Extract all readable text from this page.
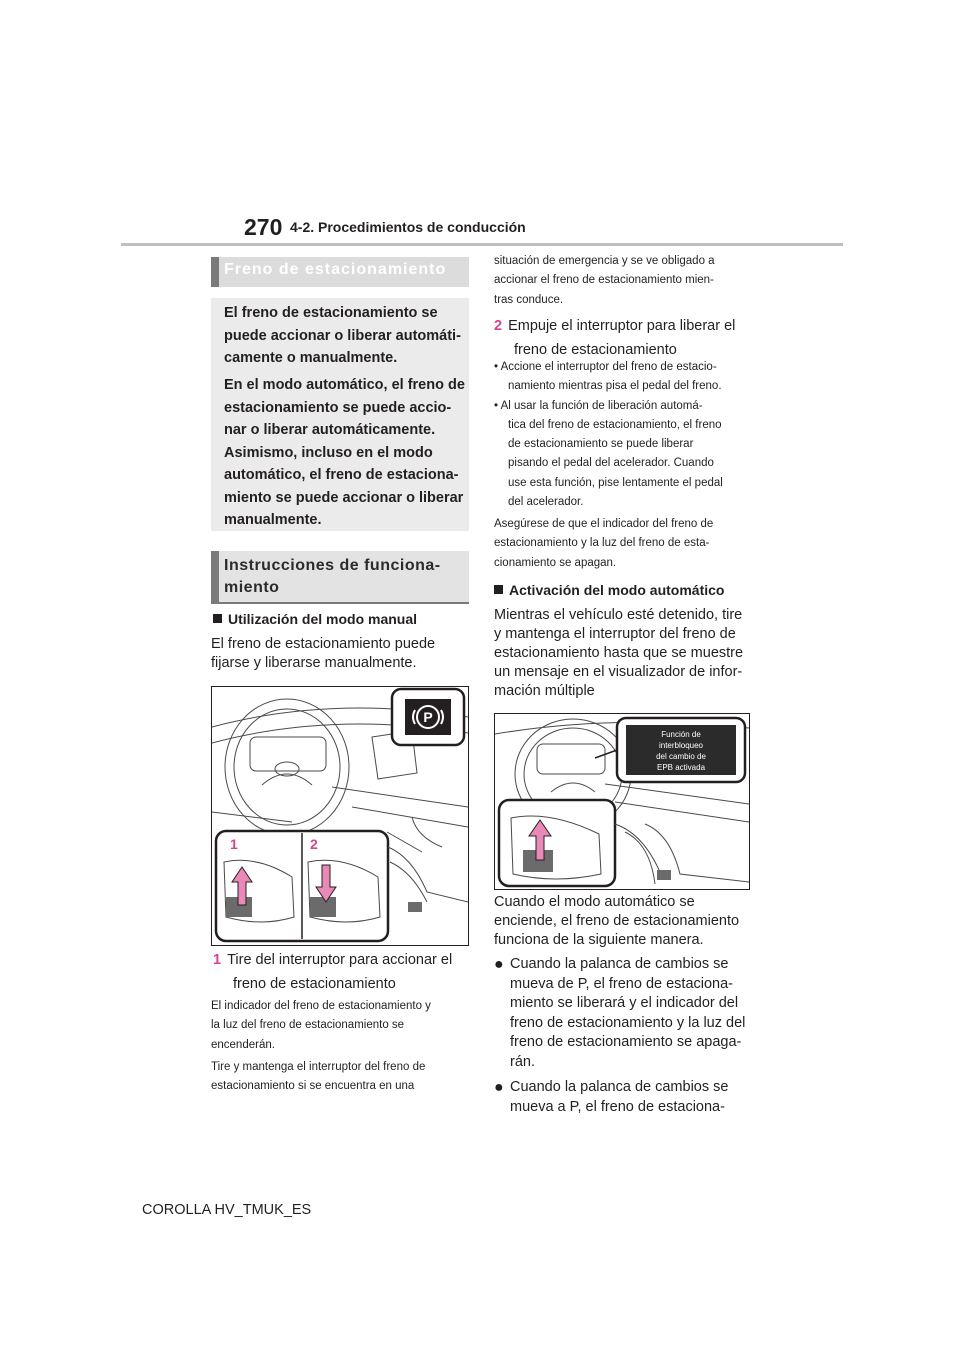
270 4-2. Procedimientos de conducción
Freno de estacionamiento
El freno de estacionamiento se
puede accionar o liberar automáti-
camente o manualmente.
En el modo automático, el freno de
estacionamiento se puede accio-
nar o liberar automáticamente.
Asimismo, incluso en el modo
automático, el freno de estaciona-
miento se puede accionar o liberar
manualmente.
Instrucciones de funciona-
miento
Utilización del modo manual
El freno de estacionamiento puede
fijarse y liberarse manualmente.
P
1	2
1 Tire del interruptor para accionar el
freno de estacionamiento
El indicador del freno de estacionamiento y
la luz del freno de estacionamiento se
encenderán.
Tire y mantenga el interruptor del freno de
estacionamiento si se encuentra en una
situación de emergencia y se ve obligado a
accionar el freno de estacionamiento mien-
tras conduce.
2 Empuje el interruptor para liberar el
freno de estacionamiento
• Accione el interruptor del freno de estacio-
namiento mientras pisa el pedal del freno.
• Al usar la función de liberación automá-
tica del freno de estacionamiento, el freno
de estacionamiento se puede liberar
pisando el pedal del acelerador. Cuando
use esta función, pise lentamente el pedal
del acelerador.
Asegúrese de que el indicador del freno de
estacionamiento y la luz del freno de esta-
cionamiento se apagan.
Activación del modo automático
Mientras el vehículo esté detenido, tire
y mantenga el interruptor del freno de
estacionamiento hasta que se muestre
un mensaje en el visualizador de infor-
mación múltiple
Función de
interbloqueo
del cambio de
EPB activada
Cuando el modo automático se
enciende, el freno de estacionamiento
funciona de la siguiente manera.
● Cuando la palanca de cambios se
mueva de P, el freno de estaciona-
miento se liberará y el indicador del
freno de estacionamiento y la luz del
freno de estacionamiento se apaga-
rán.
● Cuando la palanca de cambios se
mueva a P, el freno de estaciona-
COROLLA HV_TMUK_ES
